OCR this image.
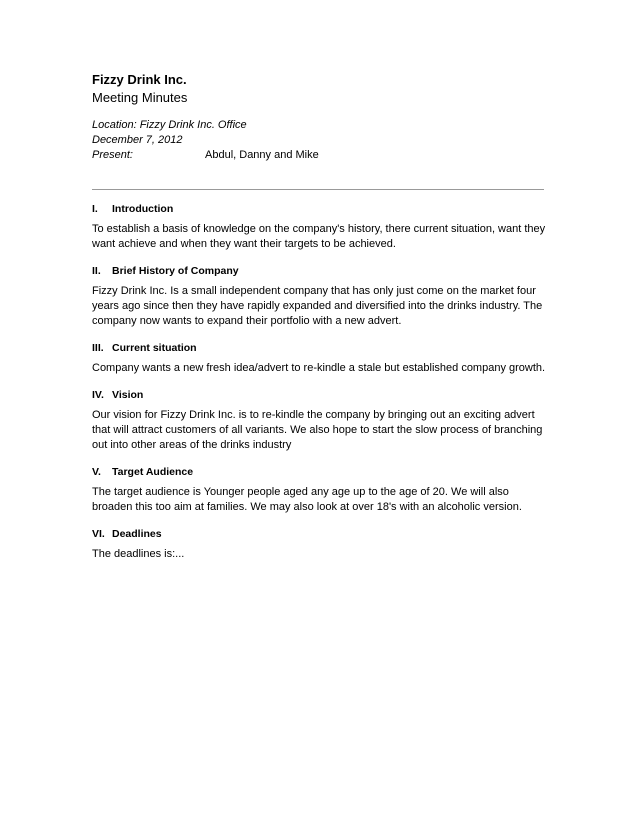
Fizzy Drink Inc.

Meeting Minutes

Location: Fizzy Drink Inc. Office
December 7, 2012
Present:	Abdul, Danny and Mike
I.	Introduction

To establish a basis of knowledge on the company's history, there current situation, want they want achieve and when they want their targets to be achieved.

II.	Brief History of Company

Fizzy Drink Inc. Is a small independent company that has only just come on the market four years ago since then they have rapidly expanded and diversified into the drinks industry. The company now wants to expand their portfolio with a new advert.

III. Current situation

Company wants a new fresh idea/advert to re-kindle a stale but established company growth.

IV. Vision

Our vision for Fizzy Drink Inc. is to re-kindle the company by bringing out an exciting advert that will attract customers of all variants. We also hope to start the slow process of branching out into other areas of the drinks industry

V.	Target Audience

The target audience is Younger people aged any age up to the age of 20. We will also broaden this too aim at families. We may also look at over 18's with an alcoholic version.

VI. Deadlines

The deadlines is:...
